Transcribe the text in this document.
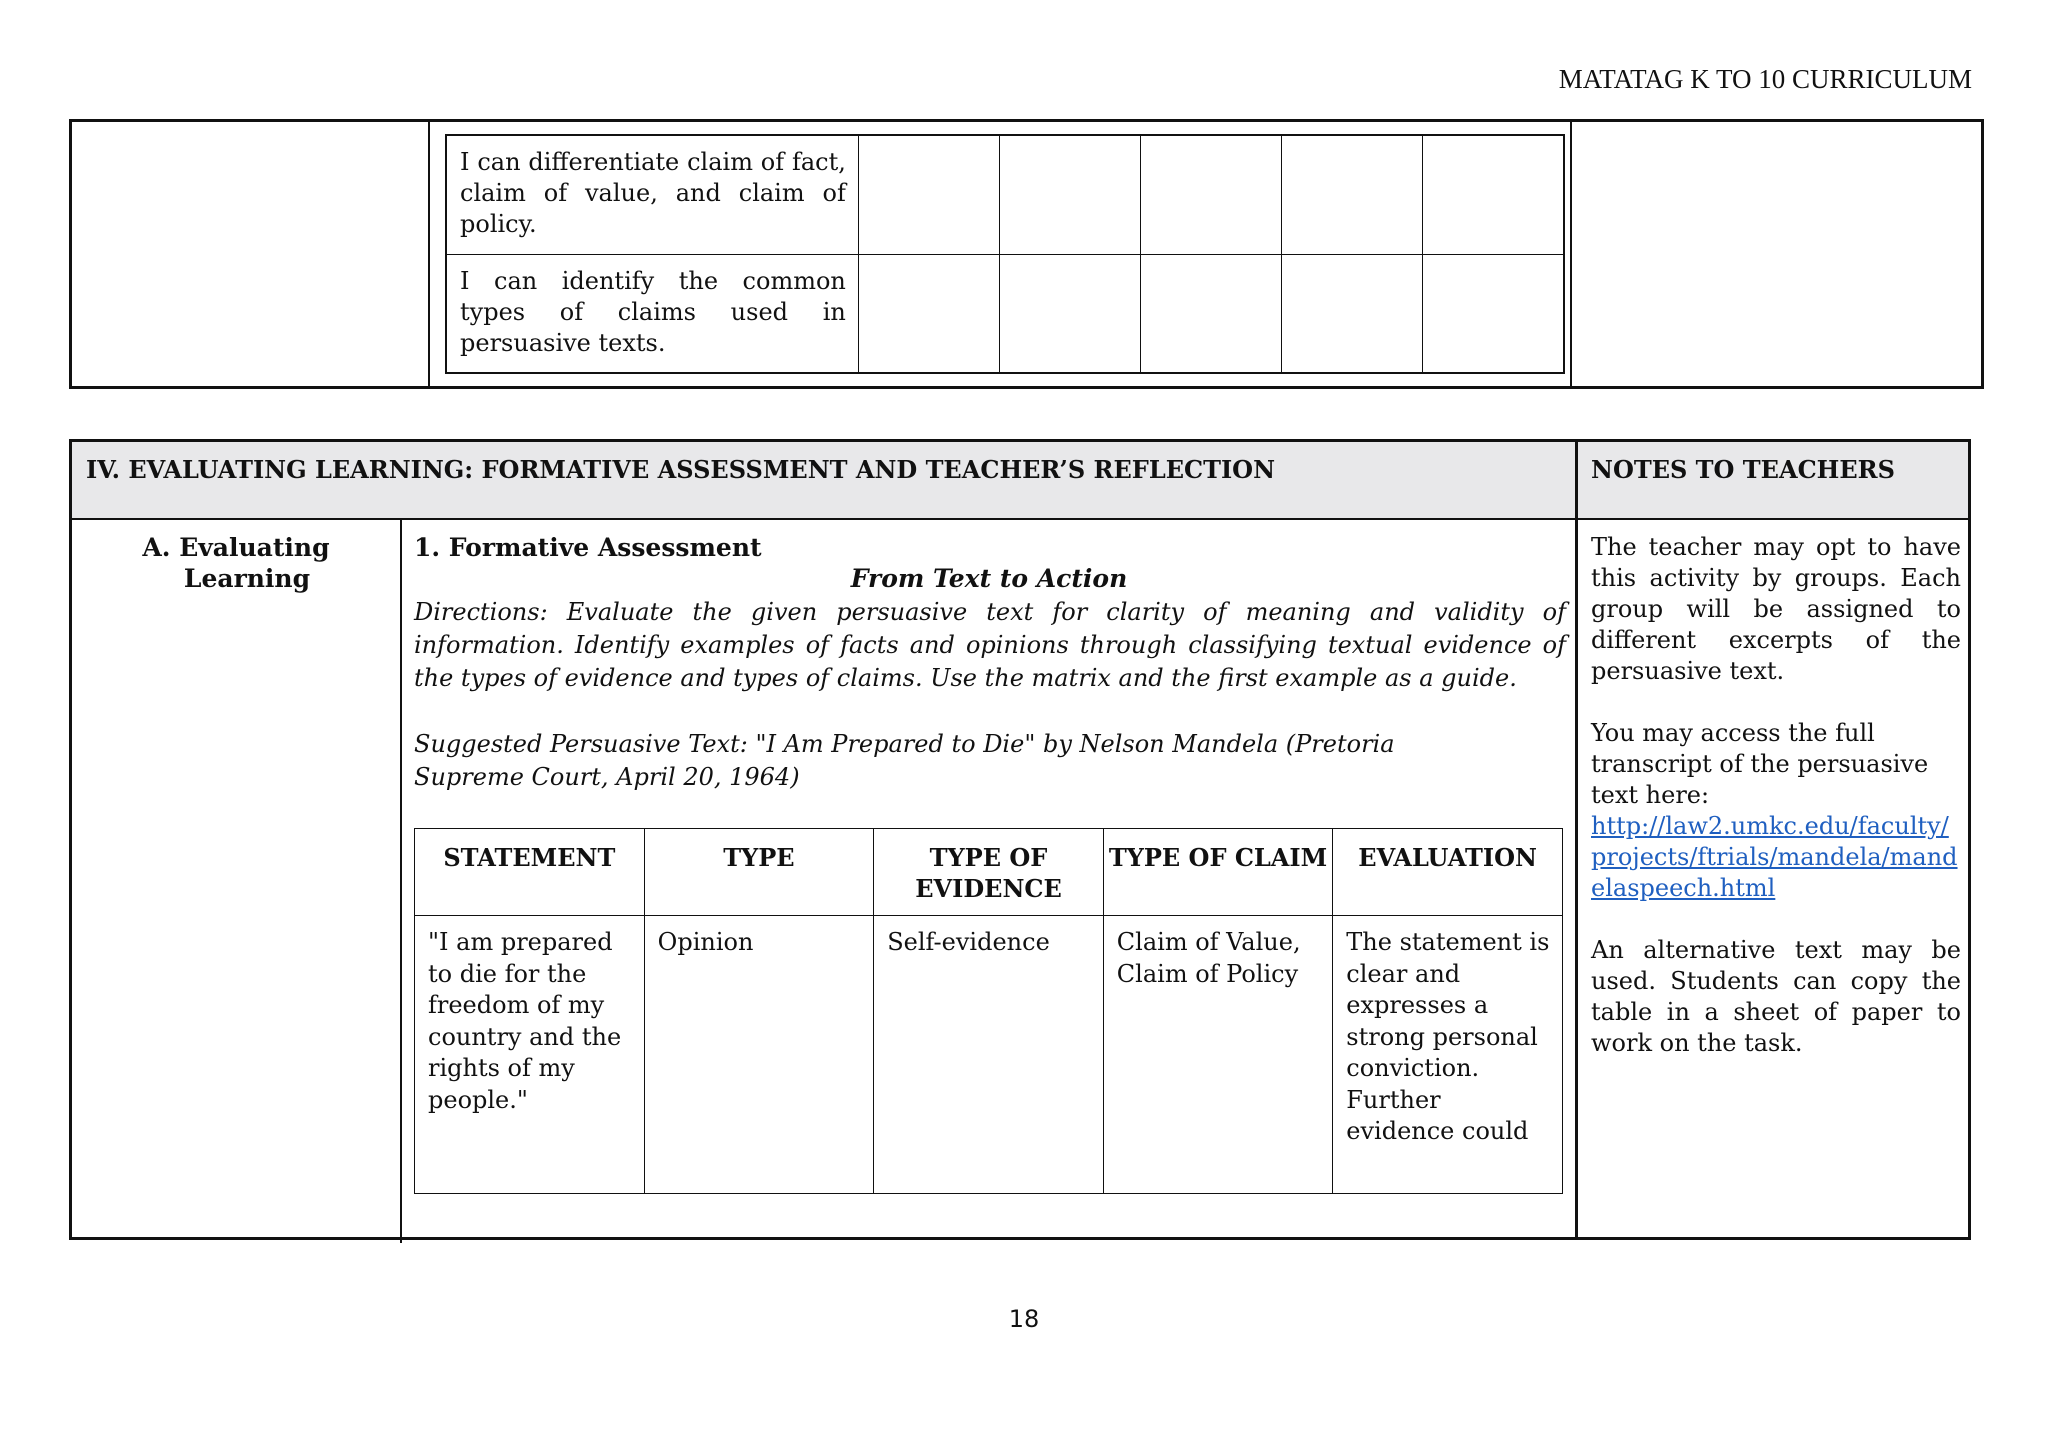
MATATAG K TO 10 CURRICULUM
I can differentiate claim of fact, claim of value, and claim of policy.					
I can identify the common types of claims used in persuasive texts.					
IV. EVALUATING LEARNING: FORMATIVE ASSESSMENT AND TEACHER’S REFLECTION	NOTES TO TEACHERS
A. Evaluating
Learning
1. Formative Assessment
From Text to Action
Directions: Evaluate the given persuasive text for clarity of meaning and validity of information. Identify examples of facts and opinions through classifying textual evidence of the types of evidence and types of claims. Use the matrix and the first example as a guide.
Suggested Persuasive Text: "I Am Prepared to Die" by Nelson Mandela (Pretoria
Supreme Court, April 20, 1964)
STATEMENT	TYPE	TYPE OF EVIDENCE	TYPE OF CLAIM	EVALUATION
"I am prepared to die for the freedom of my country and the rights of my people."	Opinion	Self-evidence	Claim of Value, Claim of Policy	The statement is clear and expresses a strong personal conviction. Further evidence could

The teacher may opt to have this activity by groups. Each group will be assigned to different excerpts of the persuasive text.

You may access the full transcript of the persuasive text here:

http://law2.umkc.edu/faculty/projects/ftrials/mandela/mandelaspeech.html

An alternative text may be used. Students can copy the table in a sheet of paper to work on the task.

18
